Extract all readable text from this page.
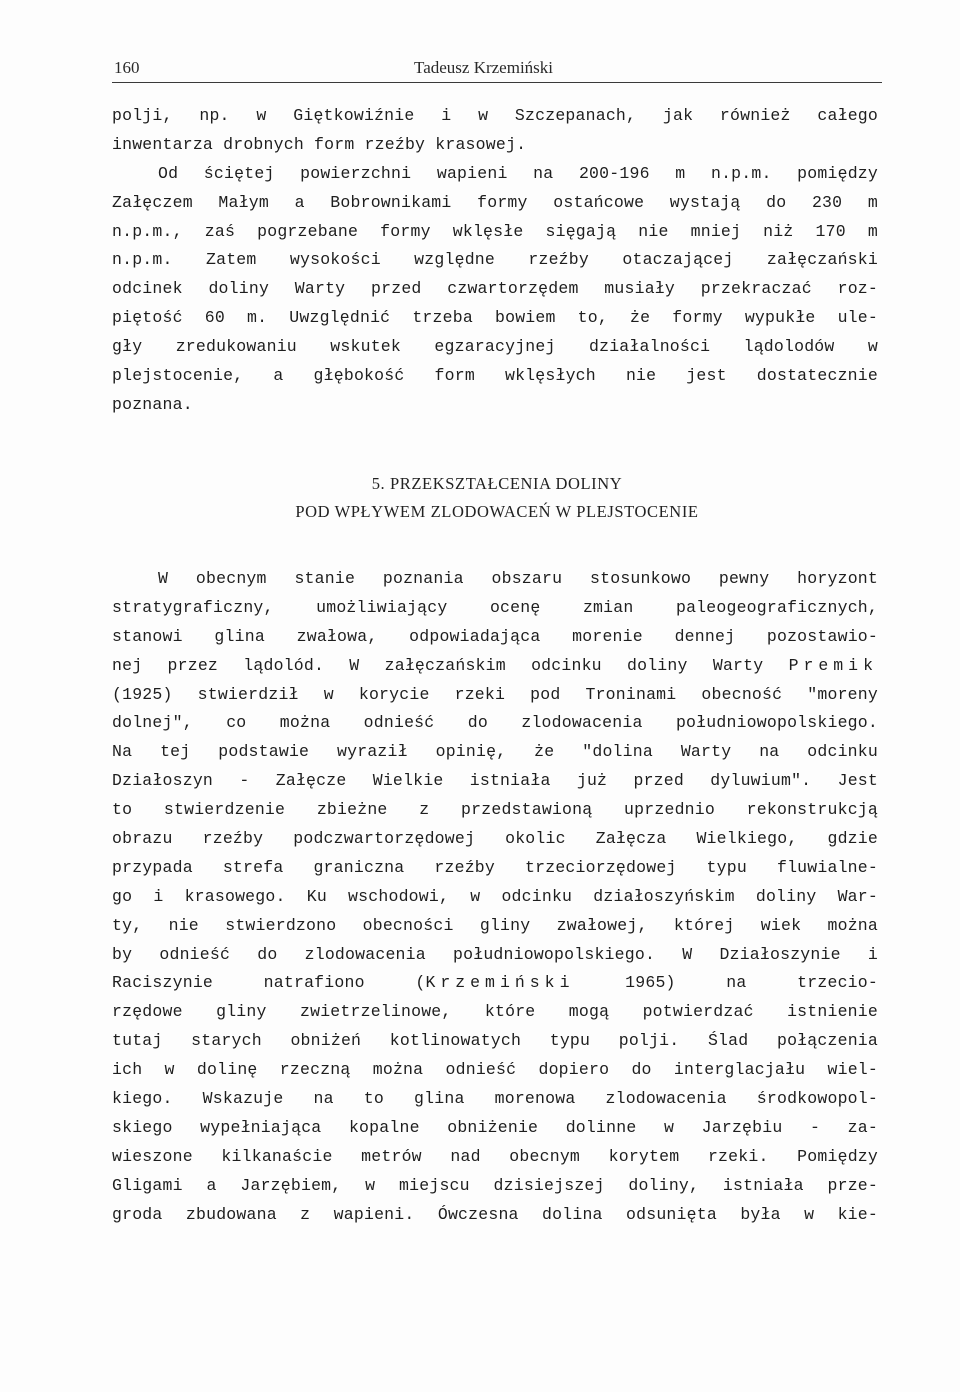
160	Tadeusz Krzemiński
polji, np. w Giętkowiźnie i w Szczepanach, jak również całego
inwentarza drobnych form rzeźby krasowej.
Od ściętej powierzchni wapieni na 200-196 m n.p.m. pomiędzy
Załęczem Małym a Bobrownikami formy ostańcowe wystają do 230 m
n.p.m., zaś pogrzebane formy wklęsłe sięgają nie mniej niż 170 m
n.p.m. Zatem wysokości względne rzeźby otaczającej załęczański
odcinek doliny Warty przed czwartorzędem musiały przekraczać roz-
piętość 60 m. Uwzględnić trzeba bowiem to, że formy wypukłe ule-
gły zredukowaniu wskutek egzaracyjnej działalności lądolodów w
plejstocenie, a głębokość form wklęsłych nie jest dostatecznie
poznana.
5. PRZEKSZTAŁCENIA DOLINY
POD WPŁYWEM ZLODOWACEŃ W PLEJSTOCENIE
W obecnym stanie poznania obszaru stosunkowo pewny horyzont
stratygraficzny, umożliwiający ocenę zmian paleogeograficznych,
stanowi glina zwałowa, odpowiadająca morenie dennej pozostawio-
nej przez lądolód. W załęczańskim odcinku doliny Warty Premik
(1925) stwierdził w korycie rzeki pod Troninami obecność "moreny
dolnej", co można odnieść do zlodowacenia południowopolskiego.
Na tej podstawie wyraził opinię, że "dolina Warty na odcinku
Działoszyn - Załęcze Wielkie istniała już przed dyluwium". Jest
to stwierdzenie zbieżne z przedstawioną uprzednio rekonstrukcją
obrazu rzeźby podczwartorzędowej okolic Załęcza Wielkiego, gdzie
przypada strefa graniczna rzeźby trzeciorzędowej typu fluwialne-
go i krasowego. Ku wschodowi, w odcinku działoszyńskim doliny War-
ty, nie stwierdzono obecności gliny zwałowej, której wiek można
by odnieść do zlodowacenia południowopolskiego. W Działoszynie i
Raciszynie natrafiono (Krzemiński 1965) na trzecio-
rzędowe gliny zwietrzelinowe, które mogą potwierdzać istnienie
tutaj starych obniżeń kotlinowatych typu polji. Ślad połączenia
ich w dolinę rzeczną można odnieść dopiero do interglacjału wiel-
kiego. Wskazuje na to glina morenowa zlodowacenia środkowopol-
skiego wypełniająca kopalne obniżenie dolinne w Jarzębiu - za-
wieszone kilkanaście metrów nad obecnym korytem rzeki. Pomiędzy
Gligami a Jarzębiem, w miejscu dzisiejszej doliny, istniała prze-
groda zbudowana z wapieni. Ówczesna dolina odsunięta była w kie-
